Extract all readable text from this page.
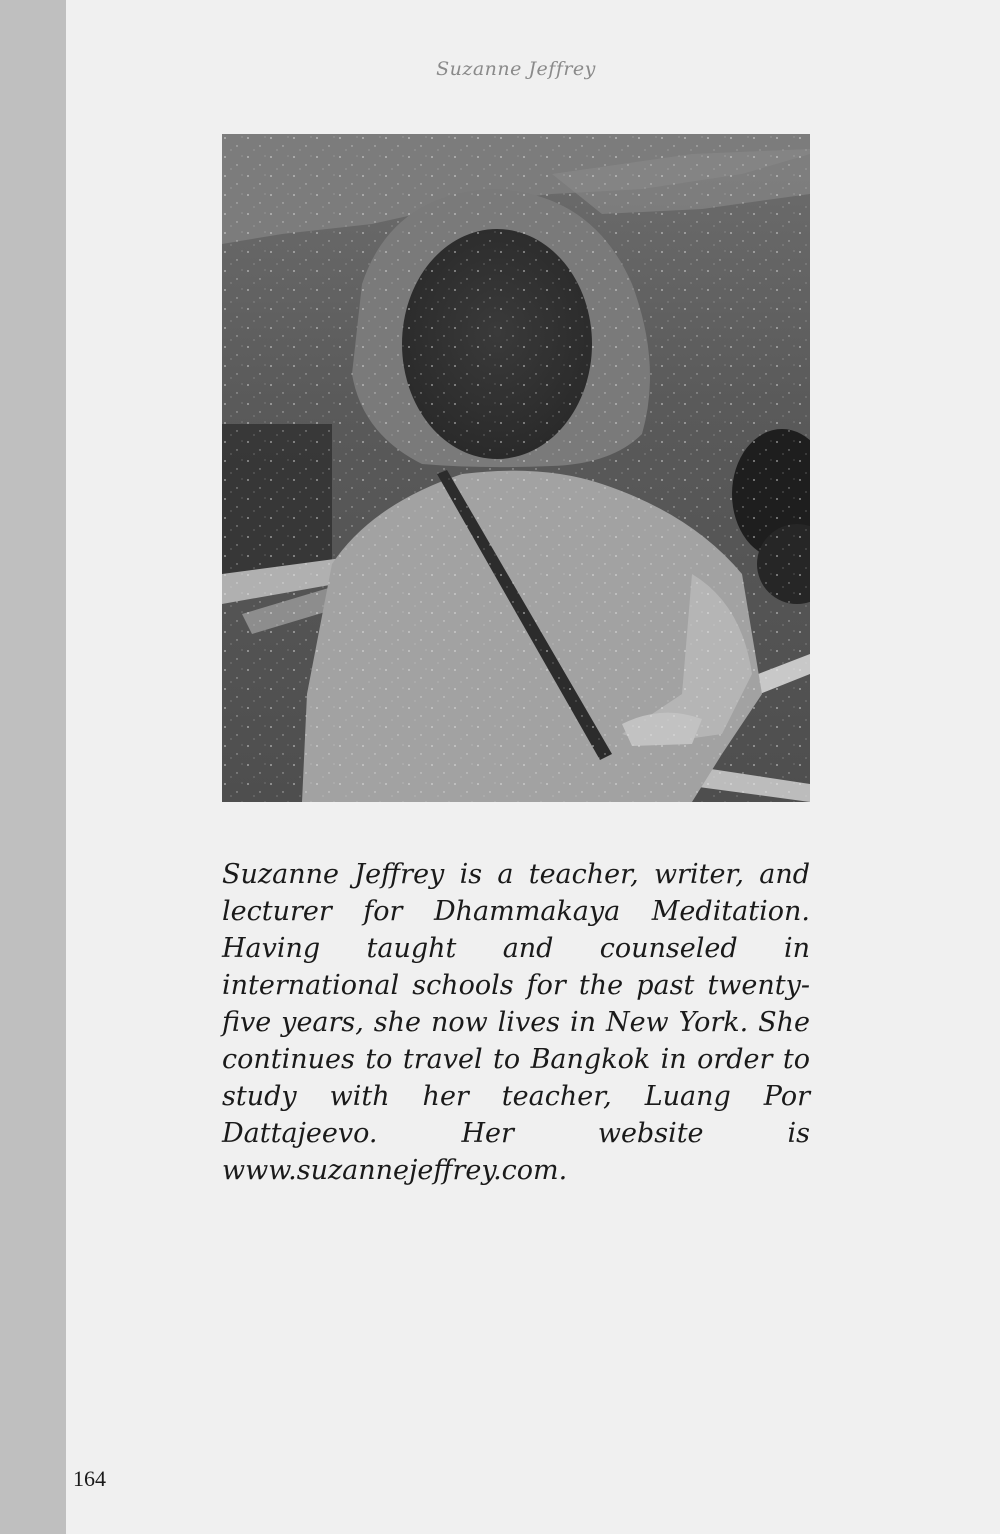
Suzanne Jeffrey
Suzanne Jeffrey is a teacher, writer, and lecturer for Dhammakaya Meditation. Having taught and counseled in international schools for the past twenty-five years, she now lives in New York. She continues to travel to Bangkok in order to study with her teacher, Luang Por Dattajeevo. Her website is www.suzannejeffrey.com.
164
